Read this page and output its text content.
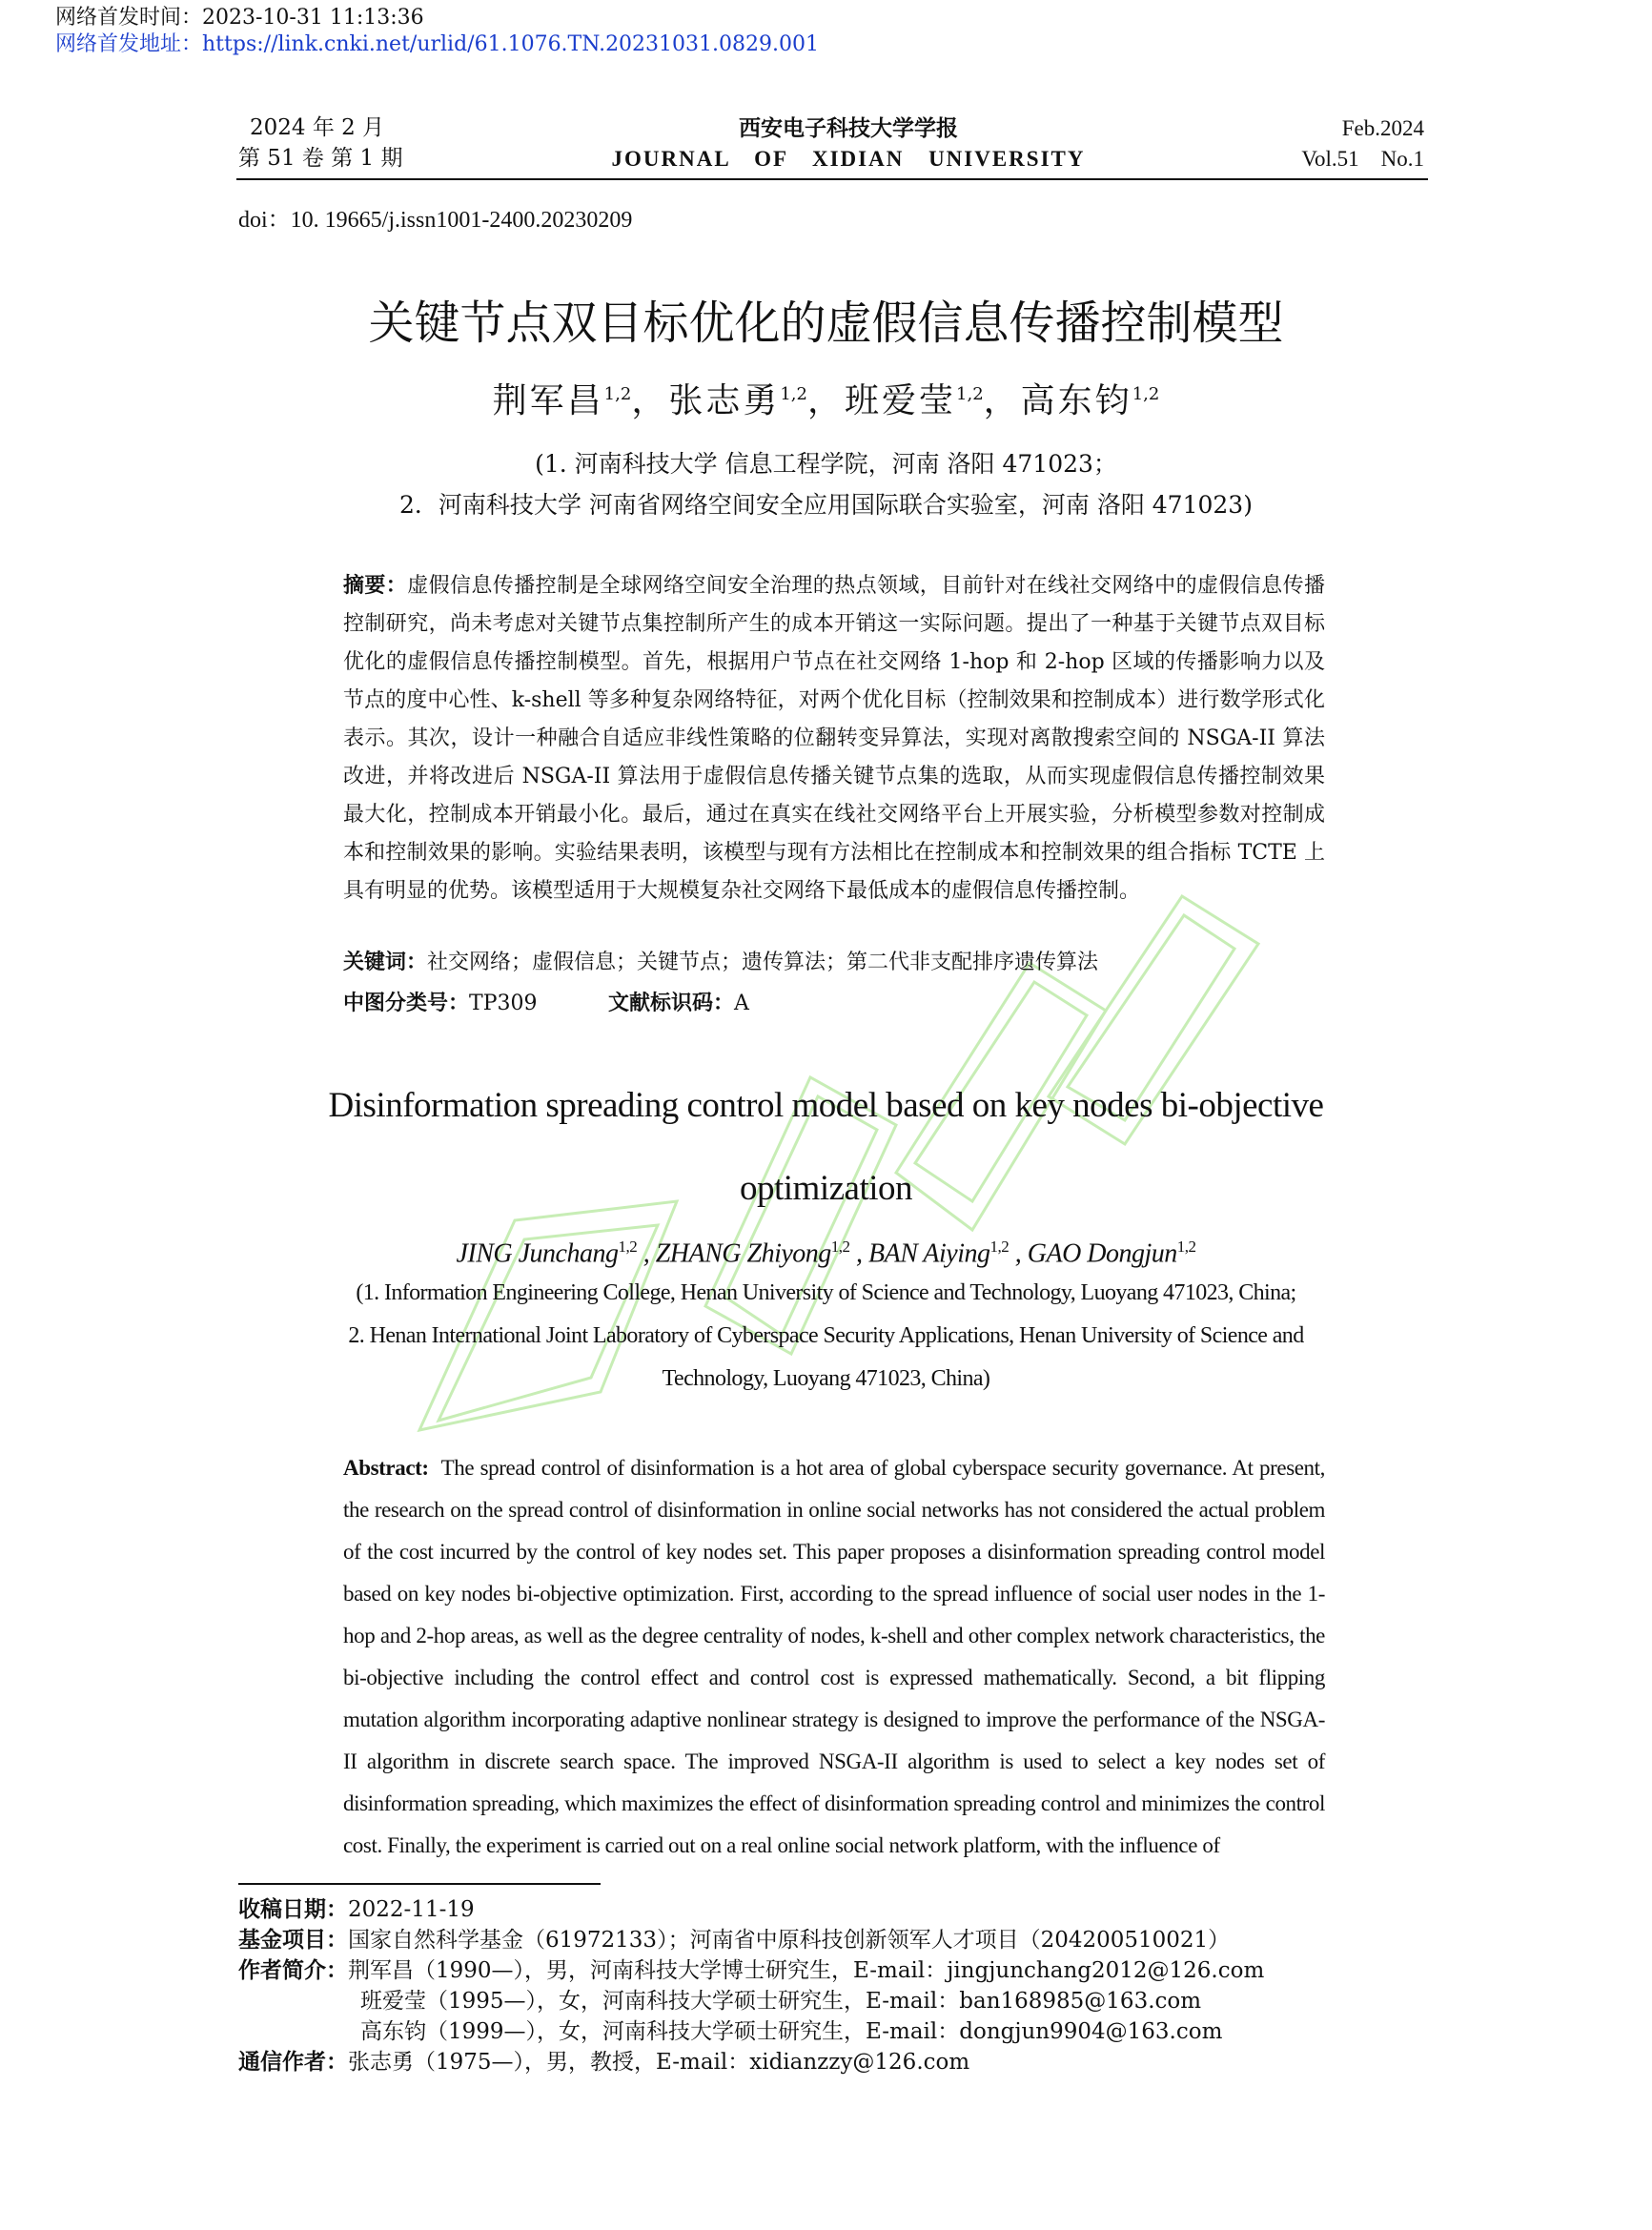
网络首发时间：2023-10-31 11:13:36
网络首发地址：https://link.cnki.net/urlid/61.1076.TN.20231031.0829.001
2024 年 2 月
第 51 卷 第 1 期
西安电子科技大学学报
JOURNAL OF XIDIAN UNIVERSITY
Feb.2024
Vol.51    No.1
doi：10. 19665/j.issn1001-2400.20230209
关键节点双目标优化的虚假信息传播控制模型
荆军昌$^{1,2}$，张志勇$^{1,2}$，班爱莹$^{1,2}$，高东钧$^{1,2}$
(1. 河南科技大学 信息工程学院，河南 洛阳 471023；
2．河南科技大学 河南省网络空间安全应用国际联合实验室，河南 洛阳 471023)
摘要：虚假信息传播控制是全球网络空间安全治理的热点领域，目前针对在线社交网络中的虚假信息传播控制研究，尚未考虑对关键节点集控制所产生的成本开销这一实际问题。提出了一种基于关键节点双目标优化的虚假信息传播控制模型。首先，根据用户节点在社交网络 1-hop 和 2-hop 区域的传播影响力以及节点的度中心性、k-shell 等多种复杂网络特征，对两个优化目标（控制效果和控制成本）进行数学形式化表示。其次，设计一种融合自适应非线性策略的位翻转变异算法，实现对离散搜索空间的 NSGA-II 算法改进，并将改进后 NSGA-II 算法用于虚假信息传播关键节点集的选取，从而实现虚假信息传播控制效果最大化，控制成本开销最小化。最后，通过在真实在线社交网络平台上开展实验，分析模型参数对控制成本和控制效果的影响。实验结果表明，该模型与现有方法相比在控制成本和控制效果的组合指标 TCTE 上具有明显的优势。该模型适用于大规模复杂社交网络下最低成本的虚假信息传播控制。
关键词：社交网络；虚假信息；关键节点；遗传算法；第二代非支配排序遗传算法
中图分类号：TP309	文献标识码：A
Disinformation spreading control model based on key nodes bi-objective
optimization
JING Junchang$^{1,2}$ , ZHANG Zhiyong$^{1,2}$ , BAN Aiying$^{1,2}$ , GAO Dongjun$^{1,2}$
(1. Information Engineering College, Henan University of Science and Technology, Luoyang 471023, China;
2. Henan International Joint Laboratory of Cyberspace Security Applications, Henan University of Science and
Technology, Luoyang 471023, China)
Abstract: The spread control of disinformation is a hot area of global cyberspace security governance. At present, the research on the spread control of disinformation in online social networks has not considered the actual problem of the cost incurred by the control of key nodes set. This paper proposes a disinformation spreading control model based on key nodes bi-objective optimization. First, according to the spread influence of social user nodes in the 1-hop and 2-hop areas, as well as the degree centrality of nodes, k-shell and other complex network characteristics, the bi-objective including the control effect and control cost is expressed mathematically. Second, a bit flipping mutation algorithm incorporating adaptive nonlinear strategy is designed to improve the performance of the NSGA-II algorithm in discrete search space. The improved NSGA-II algorithm is used to select a key nodes set of disinformation spreading, which maximizes the effect of disinformation spreading control and minimizes the control cost. Finally, the experiment is carried out on a real online social network platform, with the influence of
收稿日期：2022-11-19
基金项目：国家自然科学基金（61972133）；河南省中原科技创新领军人才项目（204200510021）
作者简介：荆军昌（1990—），男，河南科技大学博士研究生，E-mail：jingjunchang2012@126.com
班爱莹（1995—），女，河南科技大学硕士研究生，E-mail：ban168985@163.com
高东钧（1999—），女，河南科技大学硕士研究生，E-mail：dongjun9904@163.com
通信作者：张志勇（1975—），男，教授，E-mail：xidianzzy@126.com
